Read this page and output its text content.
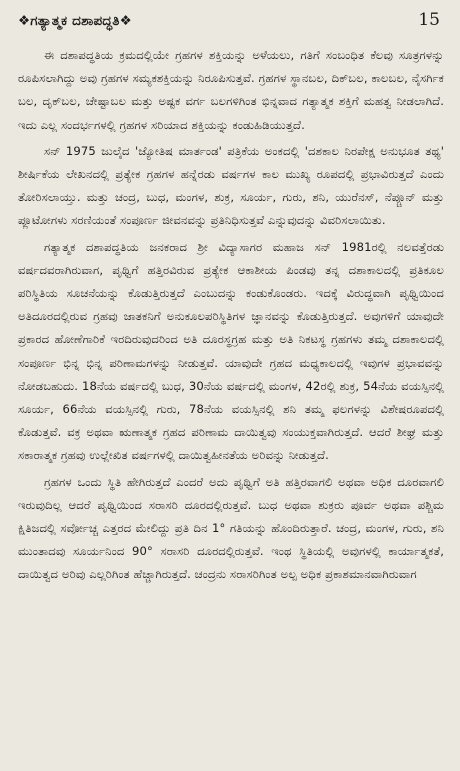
❖ಗತ್ಯಾತ್ಮಕ ದಶಾಪದ್ಧತಿ❖	15

ಈ ದಶಾಪದ್ಧತಿಯ ಕ್ರಮದಲ್ಲಿಯೇ ಗ್ರಹಗಳ ಶಕ್ತಿಯನ್ನು ಅಳೆಯಲು, ಗತಿಗೆ ಸಂಬಂಧಿತ ಕೆಲವು ಸೂತ್ರಗಳನ್ನು ರೂಪಿಸಲಾಗಿದ್ದು ಅವು ಗ್ರಹಗಳ ಸಮ್ಯಕಶಕ್ತಿಯನ್ನು ನಿರೂಪಿಸುತ್ತವೆ. ಗ್ರಹಗಳ ಸ್ಥಾನಬಲ, ದಿಕ್‌ಬಲ, ಕಾಲಬಲ, ನೈಸರ್ಗಿಕ ಬಲ, ದೃಕ್‌ಬಲ, ಚೇಷ್ಟಾಬಲ ಮತ್ತು ಅಷ್ಟಕ ವರ್ಗ ಬಲಗಳಿಗಿಂತ ಭಿನ್ನವಾದ ಗತ್ಯಾತ್ಮಕ ಶಕ್ತಿಗೆ ಮಹತ್ವ ನೀಡಲಾಗಿದೆ. ಇದು ಎಲ್ಲ ಸಂದರ್ಭಗಳಲ್ಲಿ ಗ್ರಹಗಳ ಸರಿಯಾದ ಶಕ್ತಿಯನ್ನು ಕಂಡುಹಿಡಿಯುತ್ತದೆ.

ಸನ್ 1975 ಜುಲೈದ 'ಜ್ಯೋತಿಷ ಮಾರ್ತಂಡ' ಪತ್ರಿಕೆಯ ಅಂಕದಲ್ಲಿ 'ದಶಕಾಲ ನಿರಪೇಕ್ಷ ಅನುಭೂತ ತಥ್ಯ' ಶೀರ್ಷಿಕೆಯ ಲೇಖನದಲ್ಲಿ ಪ್ರತ್ಯೇಕ ಗ್ರಹಗಳ ಹನ್ನೆರಡು ವರ್ಷಗಳ ಕಾಲ ಮುಖ್ಯ ರೂಪದಲ್ಲಿ ಪ್ರಭಾವಿರುತ್ತದೆ ಎಂದು ತೋರಿಸಲಾಯ್ತು. ಮತ್ತು ಚಂದ್ರ, ಬುಧ, ಮಂಗಳ, ಶುಕ್ರ, ಸೂರ್ಯ, ಗುರು, ಶನಿ, ಯುರೆನಸ್, ನೆಪ್ಚೂನ್ ಮತ್ತು ಪ್ಲೂಟೋಗಳು ಸರಣಿಯಂತೆ ಸಂಪೂರ್ಣ ಜೀವನವನ್ನು ಪ್ರತಿನಿಧಿಸುತ್ತವೆ ಎನ್ನುವುದನ್ನು ವಿವರಿಸಲಾಯಿತು.

ಗತ್ಯಾತ್ಮಕ ದಶಾಪದ್ಧತಿಯ ಜನಕರಾದ ಶ್ರೀ ವಿದ್ಯಾಸಾಗರ ಮಹಾಜ ಸನ್ 1981ರಲ್ಲಿ ನಲವತ್ತೆರಡು ವರ್ಷದವರಾಗಿರುವಾಗ, ಪೃಥ್ವಿಗೆ ಹತ್ತಿರವಿರುವ ಪ್ರತ್ಯೇಕ ಆಕಾಶೀಯ ಪಿಂಡವು ತನ್ನ ದಶಾಕಾಲದಲ್ಲಿ ಪ್ರತಿಕೂಲ ಪರಿಸ್ಥಿತಿಯ ಸೂಚನೆಯನ್ನು ಕೊಡುತ್ತಿರುತ್ತದೆ ಎಂಬುದನ್ನು ಕಂಡುಕೊಂಡರು. ಇದಕ್ಕೆ ವಿರುದ್ಧವಾಗಿ ಪೃಥ್ವಿಯಿಂದ ಅತಿದೂರದಲ್ಲಿರುವ ಗ್ರಹವು ಜಾತಕನಿಗೆ ಅನುಕೂಲಪರಿಸ್ಥಿತಿಗಳ ಜ್ಞಾನವನ್ನು ಕೊಡುತ್ತಿರುತ್ತದೆ. ಅವುಗಳಿಗೆ ಯಾವುದೇ ಪ್ರಕಾರದ ಹೋಣೆಗಾರಿಕೆ ಇರದಿರುವುದರಿಂದ ಅತಿ ದೂರಸ್ಥಗ್ರಹ ಮತ್ತು ಅತಿ ನಿಕಟಸ್ಥ ಗ್ರಹಗಳು ತಮ್ಮ ದಶಾಕಾಲದಲ್ಲಿ ಸಂಪೂರ್ಣ ಭಿನ್ನ ಭಿನ್ನ ಪರಿಣಾಮಗಳನ್ನು ನೀಡುತ್ತವೆ. ಯಾವುದೇ ಗ್ರಹದ ಮಧ್ಯಕಾಲದಲ್ಲಿ ಇವುಗಳ ಪ್ರಭಾವವನ್ನು ನೋಡಬಹುದು. 18ನೆಯ ವರ್ಷದಲ್ಲಿ ಬುಧ, 30ನೆಯ ವರ್ಷದಲ್ಲಿ ಮಂಗಳ, 42ರಲ್ಲಿ ಶುಕ್ರ, 54ನೆಯ ವಯಸ್ಸಿನಲ್ಲಿ ಸೂರ್ಯ, 66ನೆಯ ವಯಸ್ಸಿನಲ್ಲಿ ಗುರು, 78ನೆಯ ವಯಸ್ಸಿನಲ್ಲಿ ಶನಿ ತಮ್ಮ ಫಲಗಳನ್ನು ವಿಶೇಷರೂಪದಲ್ಲಿ ಕೊಡುತ್ತವೆ. ವಕ್ರ ಅಥವಾ ಋಣಾತ್ಮಕ ಗ್ರಹದ ಪರಿಣಾಮ ದಾಯಿತ್ವವು ಸಂಯುಕ್ತವಾಗಿರುತ್ತದೆ. ಆದರೆ ಶೀಘ್ರ ಮತ್ತು ಸಕಾರಾತ್ಮಕ ಗ್ರಹವು ಉಲ್ಲೇಖಿತ ವರ್ಷಗಳಲ್ಲಿ ದಾಯಿತ್ವಹೀನತೆಯ ಅರಿವನ್ನು ನೀಡುತ್ತದೆ.

ಗ್ರಹಗಳ ಒಂದು ಸ್ಥಿತಿ ಹೇಗಿರುತ್ತದೆ ಎಂದರೆ ಅದು ಪೃಥ್ವಿಗೆ ಅತಿ ಹತ್ತಿರವಾಗಲಿ ಅಥವಾ ಅಧಿಕ ದೂರವಾಗಲಿ ಇರುವುದಿಲ್ಲ ಆದರೆ ಪೃಥ್ವಿಯಿಂದ ಸರಾಸರಿ ದೂರದಲ್ಲಿರುತ್ತವೆ. ಬುಧ ಅಥವಾ ಶುಕ್ರರು ಪೂರ್ವ ಅಥವಾ ಪಶ್ಚಿಮ ಕ್ಷಿತಿಜದಲ್ಲಿ ಸರ್ವೋಚ್ಚ ಎತ್ತರದ ಮೇಲಿದ್ದು ಪ್ರತಿ ದಿನ 1° ಗತಿಯನ್ನು ಹೊಂದಿರುತ್ತಾರೆ. ಚಂದ್ರ, ಮಂಗಳ, ಗುರು, ಶನಿ ಮುಂತಾದವು ಸೂರ್ಯನಿಂದ 90° ಸರಾಸರಿ ದೂರದಲ್ಲಿರುತ್ತವೆ. ಇಂಥ ಸ್ಥಿತಿಯಲ್ಲಿ ಅವುಗಳಲ್ಲಿ ಕಾರ್ಯಾತ್ಮಕತೆ, ದಾಯಿತ್ವದ ಅರಿವು ಎಲ್ಲರಿಗಿಂತ ಹೆಚ್ಚಾಗಿರುತ್ತದೆ. ಚಂದ್ರನು ಸರಾಸರಿಗಿಂತ ಅಲ್ಪ ಅಧಿಕ ಪ್ರಕಾಶಮಾನವಾಗಿರುವಾಗ
